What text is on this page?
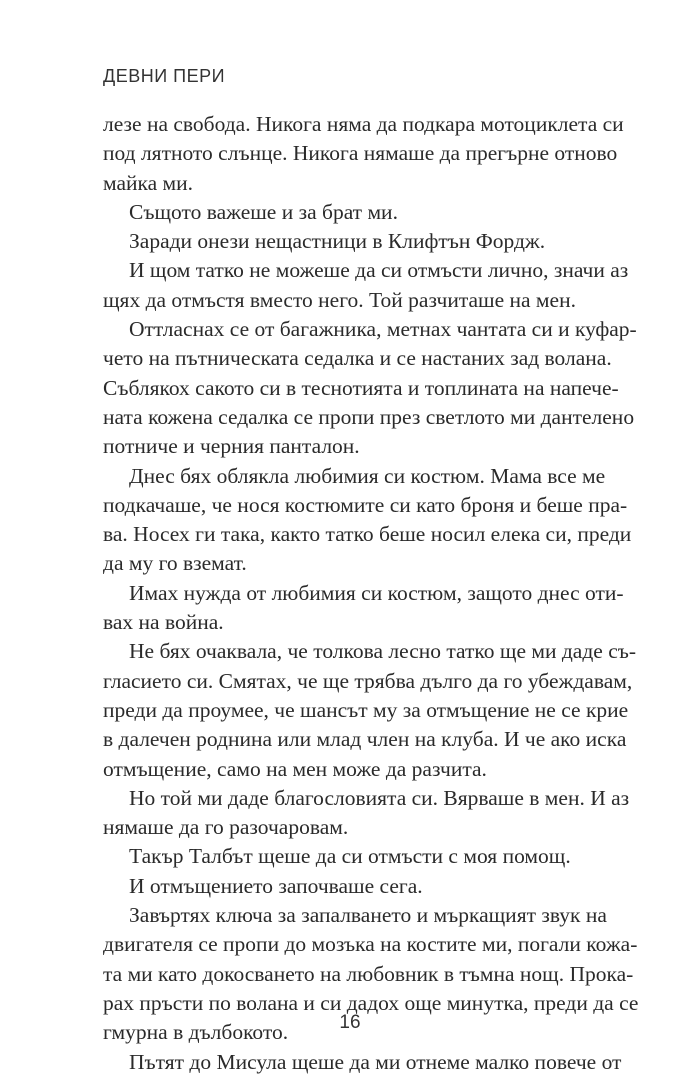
ДЕВНИ ПЕРИ

лезе на свобода. Никога няма да подкара мотоциклета си
под лятното слънце. Никога нямаше да прегърне отново
майка ми.

Същото важеше и за брат ми.

Заради онези нещастници в Клифтън Фордж.

И щом татко не можеше да си отмъсти лично, значи аз
щях да отмъстя вместо него. Той разчиташе на мен.

Оттласнах се от багажника, метнах чантата си и куфар-
чето на пътническата седалка и се настаних зад волана.
Съблякох сакото си в теснотията и топлината на напече-
ната кожена седалка се пропи през светлото ми дантелено
потниче и черния панталон.

Днес бях облякла любимия си костюм. Мама все ме
подкачаше, че нося костюмите си като броня и беше пра-
ва. Носех ги така, както татко беше носил елека си, преди
да му го вземат.

Имах нужда от любимия си костюм, защото днес оти-
вах на война.

Не бях очаквала, че толкова лесно татко ще ми даде съ-
гласието си. Смятах, че ще трябва дълго да го убеждавам,
преди да проумее, че шансът му за отмъщение не се крие
в далечен роднина или млад член на клуба. И че ако иска
отмъщение, само на мен може да разчита.

Но той ми даде благословията си. Вярваше в мен. И аз
нямаше да го разочаровам.

Такър Талбът щеше да си отмъсти с моя помощ.

И отмъщението започваше сега.

Завъртях ключа за запалването и мъркащият звук на
двигателя се пропи до мозъка на костите ми, погали кожа-
та ми като докосването на любовник в тъмна нощ. Прока-
рах пръсти по волана и си дадох още минутка, преди да се
гмурна в дълбокото.

Пътят до Мисула щеше да ми отнеме малко повече от

16
